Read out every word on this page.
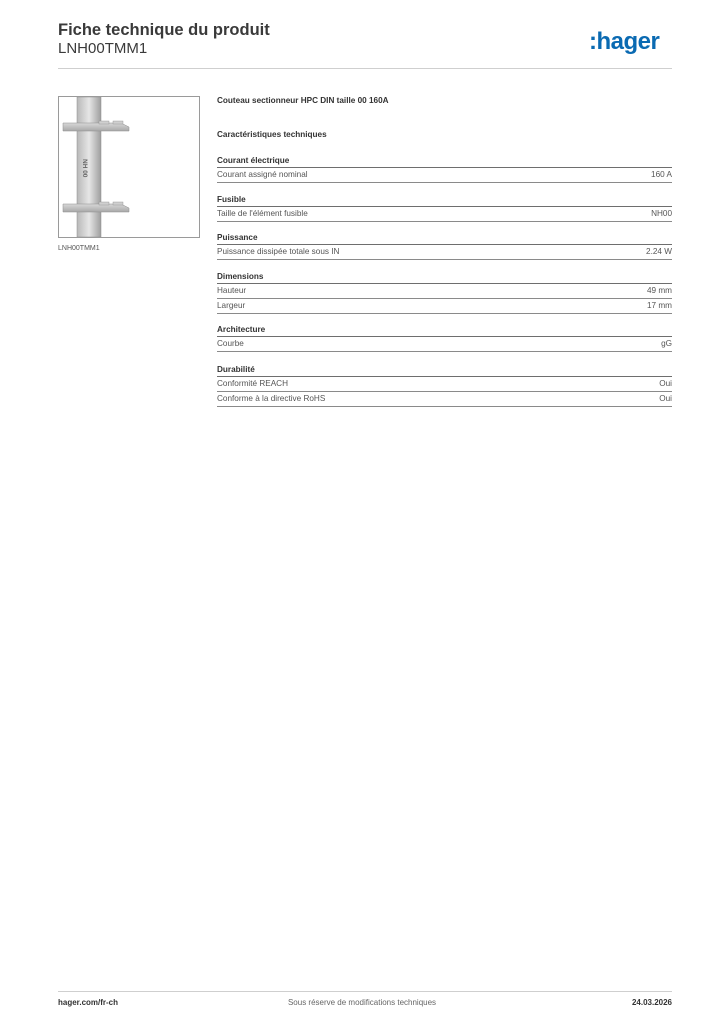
Fiche technique du produit
LNH00TMM1	:hager
NH 00
LNH00TMM1
Couteau sectionneur HPC DIN taille 00 160A
Caractéristiques techniques
Courant électrique
Courant assigné nominal	160 A
Fusible
Taille de l'élément fusible	NH00
Puissance
Puissance dissipée totale sous IN	2.24 W
Dimensions
Hauteur	49 mm
Largeur	17 mm
Architecture
Courbe	gG
Durabilité
Conformité REACH	Oui
Conforme à la directive RoHS	Oui
hager.com/fr-ch	Sous réserve de modifications techniques	24.03.2026
